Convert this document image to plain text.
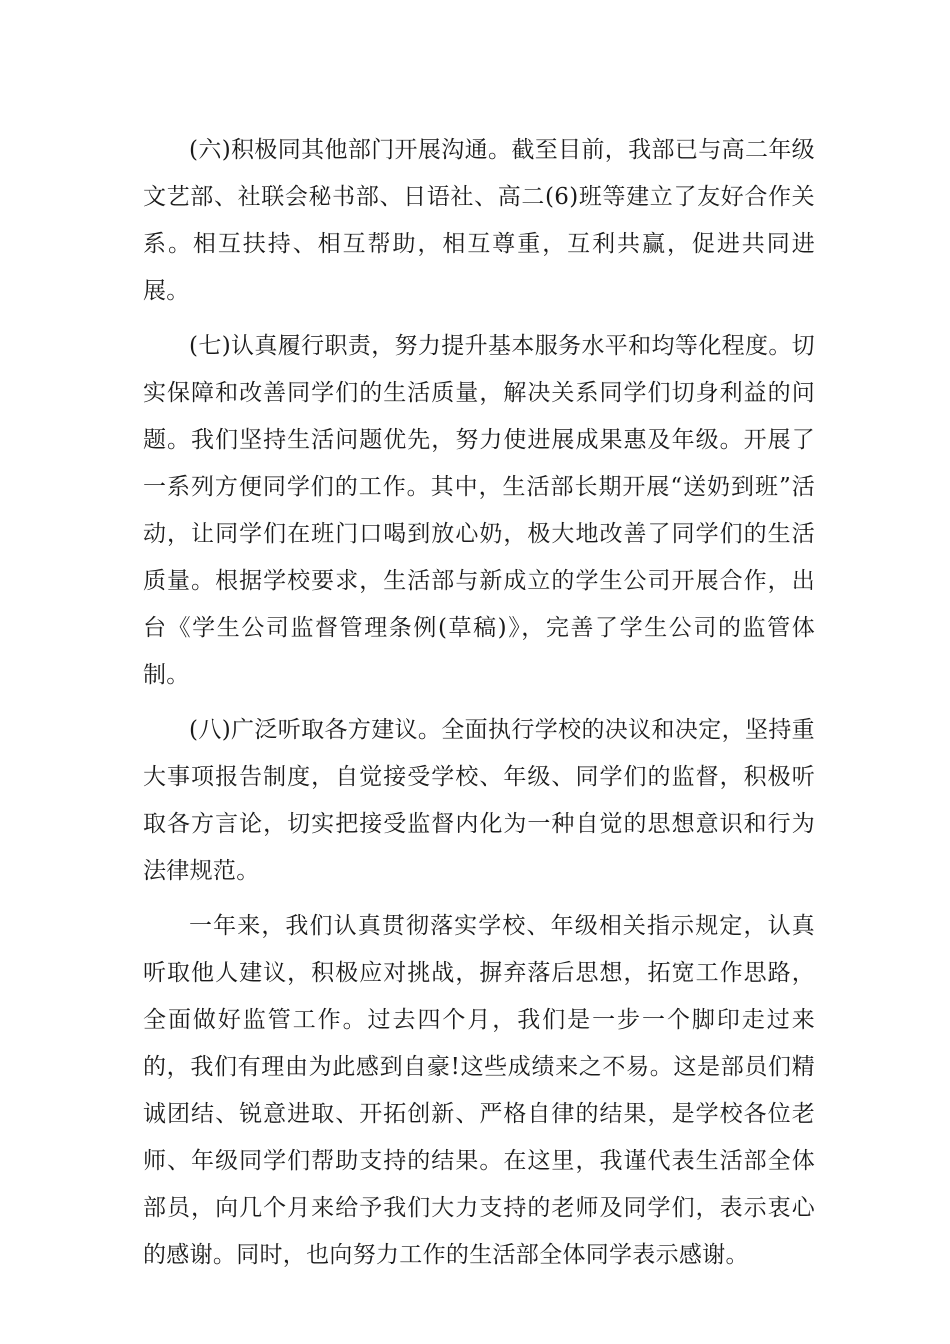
(六)积极同其他部门开展沟通。截至目前，我部已与高二年级文艺部、社联会秘书部、日语社、高二(6)班等建立了友好合作关系。相互扶持、相互帮助，相互尊重，互利共赢，促进共同进展。

(七)认真履行职责，努力提升基本服务水平和均等化程度。切实保障和改善同学们的生活质量，解决关系同学们切身利益的问题。我们坚持生活问题优先，努力使进展成果惠及年级。开展了一系列方便同学们的工作。其中，生活部长期开展“送奶到班”活动，让同学们在班门口喝到放心奶，极大地改善了同学们的生活质量。根据学校要求，生活部与新成立的学生公司开展合作，出台《学生公司监督管理条例(草稿)》，完善了学生公司的监管体制。

(八)广泛听取各方建议。全面执行学校的决议和决定，坚持重大事项报告制度，自觉接受学校、年级、同学们的监督，积极听取各方言论，切实把接受监督内化为一种自觉的思想意识和行为法律规范。

一年来，我们认真贯彻落实学校、年级相关指示规定，认真听取他人建议，积极应对挑战，摒弃落后思想，拓宽工作思路，全面做好监管工作。过去四个月，我们是一步一个脚印走过来的，我们有理由为此感到自豪!这些成绩来之不易。这是部员们精诚团结、锐意进取、开拓创新、严格自律的结果，是学校各位老师、年级同学们帮助支持的结果。在这里，我谨代表生活部全体部员，向几个月来给予我们大力支持的老师及同学们，表示衷心的感谢。同时，也向努力工作的生活部全体同学表示感谢。
